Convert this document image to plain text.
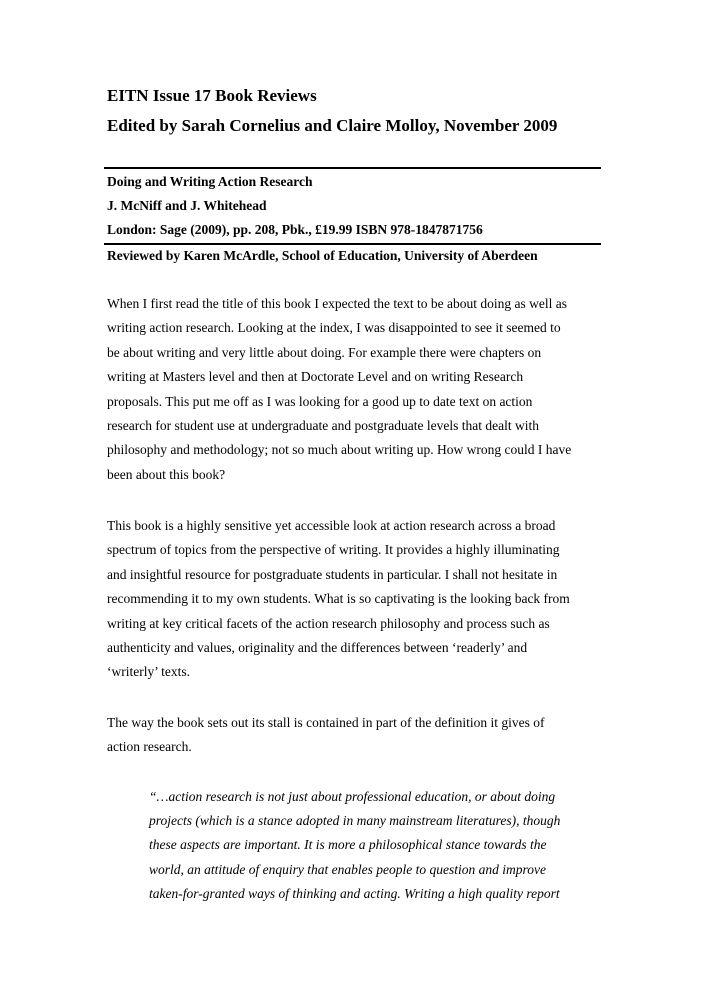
EITN Issue 17 Book Reviews
Edited by Sarah Cornelius and Claire Molloy, November 2009
Doing and Writing Action Research
J. McNiff and J. Whitehead
London: Sage (2009), pp. 208, Pbk., £19.99 ISBN 978-1847871756
Reviewed by Karen McArdle, School of Education, University of Aberdeen

When I first read the title of this book I expected the text to be about doing as well as
writing action research. Looking at the index, I was disappointed to see it seemed to
be about writing and very little about doing. For example there were chapters on
writing at Masters level and then at Doctorate Level and on writing Research
proposals. This put me off as I was looking for a good up to date text on action
research for student use at undergraduate and postgraduate levels that dealt with
philosophy and methodology; not so much about writing up. How wrong could I have
been about this book?

This book is a highly sensitive yet accessible look at action research across a broad
spectrum of topics from the perspective of writing. It provides a highly illuminating
and insightful resource for postgraduate students in particular. I shall not hesitate in
recommending it to my own students. What is so captivating is the looking back from
writing at key critical facets of the action research philosophy and process such as
authenticity and values, originality and the differences between ‘readerly’ and
‘writerly’ texts.

The way the book sets out its stall is contained in part of the definition it gives of
action research.

“…action research is not just about professional education, or about doing
projects (which is a stance adopted in many mainstream literatures), though
these aspects are important. It is more a philosophical stance towards the
world, an attitude of enquiry that enables people to question and improve
taken-for-granted ways of thinking and acting. Writing a high quality report
